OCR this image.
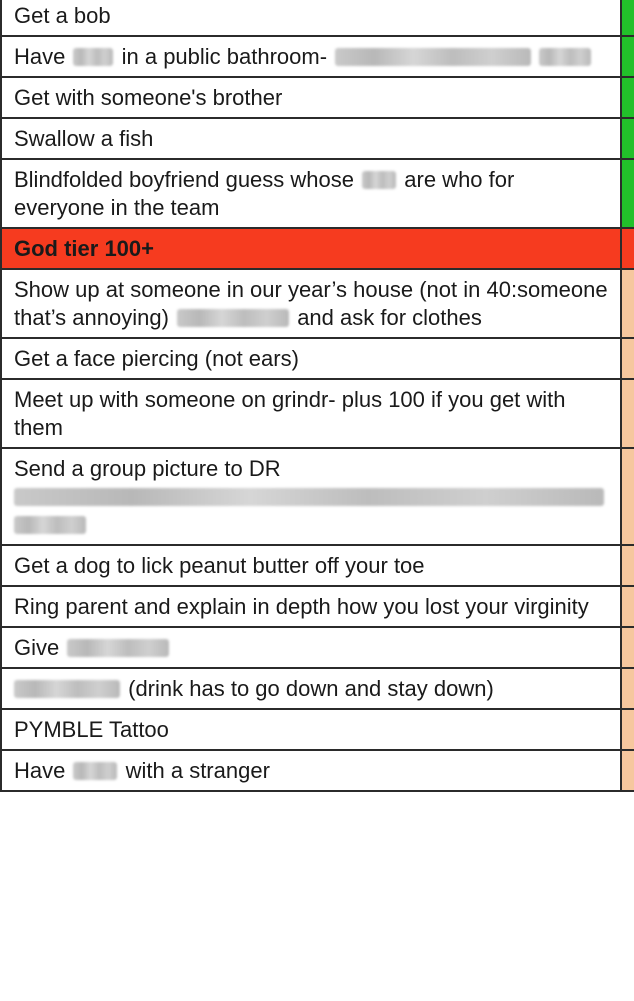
Get a bob
Have	in a public bathroom-
Get with someone's brother
Swallow a fish
Blindfolded boyfriend guess whose are who for everyone in the team
God tier 100+
Show up at someone in our year’s house (not in 40:someone that’s annoying)	and ask for clothes
Get a face piercing (not ears)
Meet up with someone on grindr- plus 100 if you get with them
Send a group picture to DR

Get a dog to lick peanut butter off your toe
Ring parent and explain in depth how you lost your virginity
Give
(drink has to go down and stay down)
PYMBLE Tattoo
Have	with a stranger
